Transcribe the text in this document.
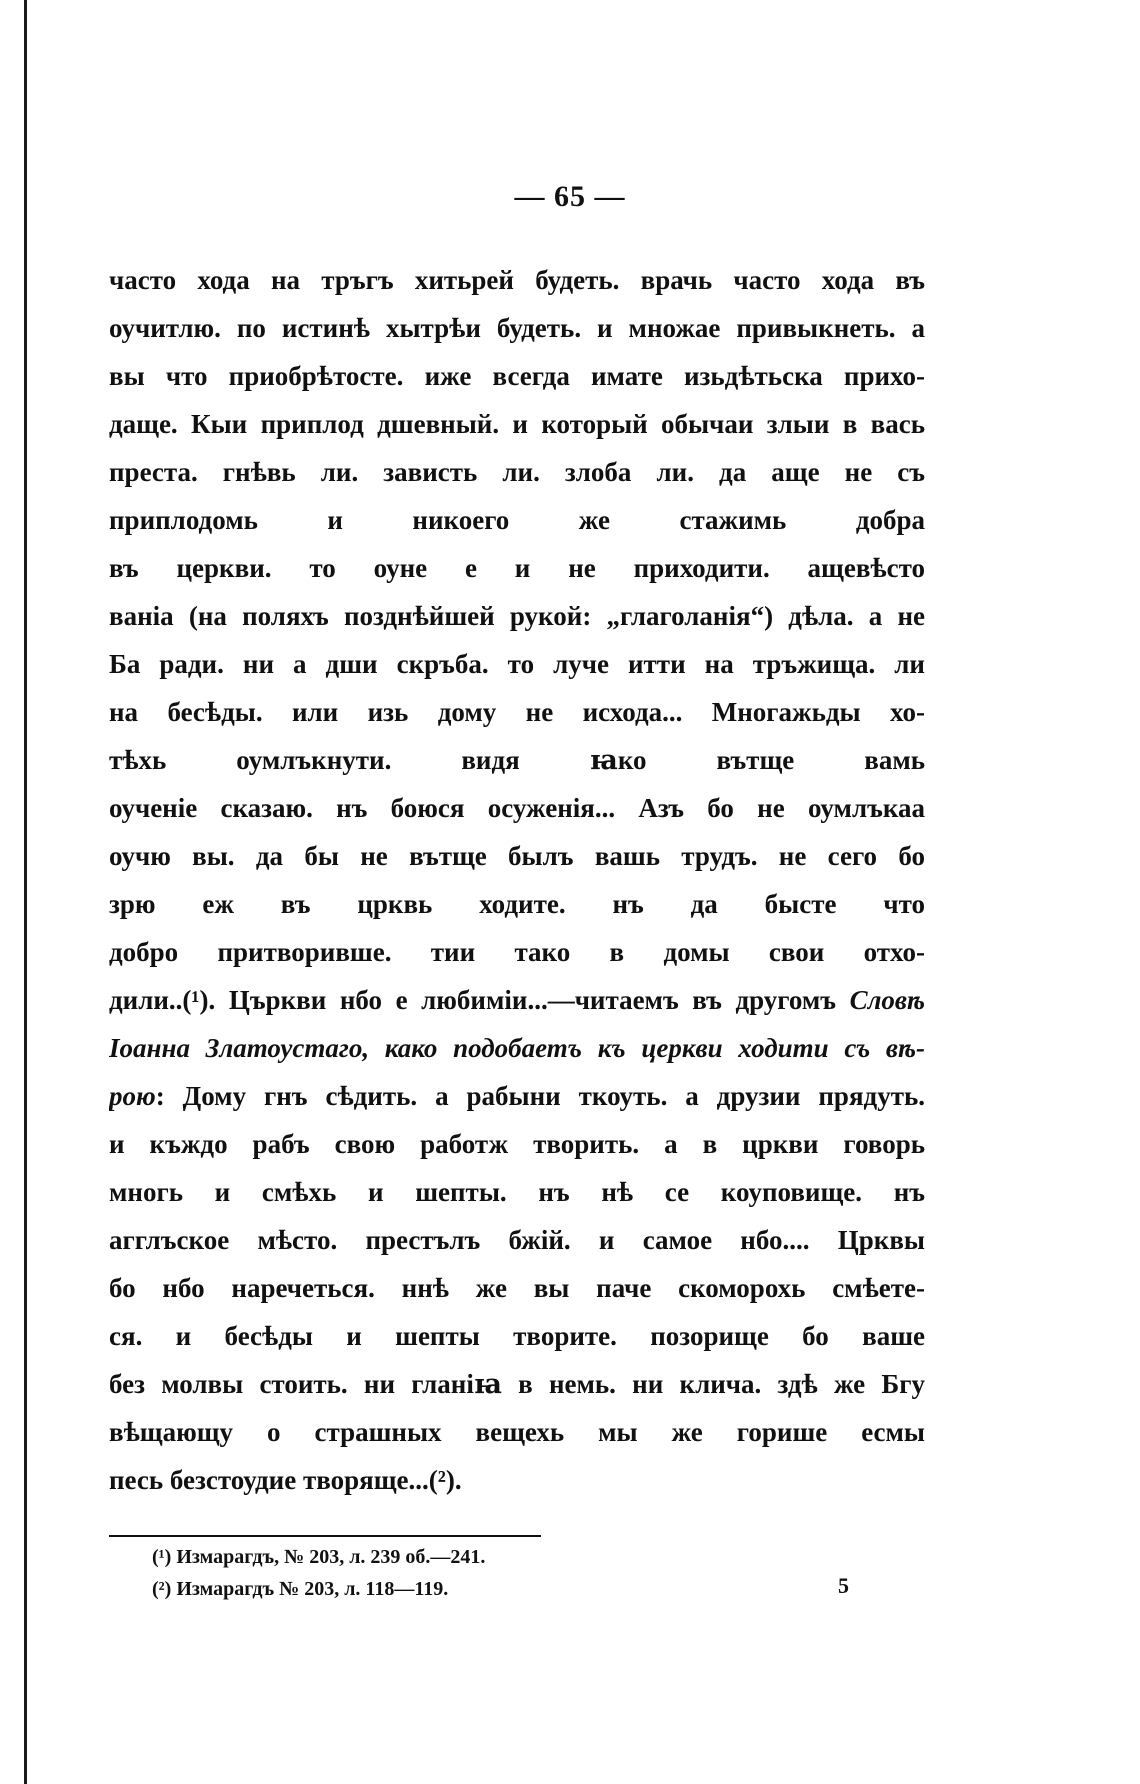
— 65 —
часто хода на тръгъ хитьрей будеть. врачь часто хода въ
оучитлю. по истинѣ хытрѣи будеть. и множае привыкнеть. а
вы что приобрѣтосте. иже всегда имате изьдѣтьска прихо-
даще. Кыи приплод дшевный. и который обычаи злыи в вась
преста. гнѣвь ли. зависть ли. злоба ли. да аще не съ
приплодомь и никоего же стажимь добра
въ церкви. то оуне е и не приходити. ащевѣсто
ваніа (на поляхъ позднѣйшей рукой: „глаголанія“) дѣла. а не
Ба ради. ни а дши скръба. то луче итти на тръжища. ли
на бесѣды. или изь дому не исхода... Многажьды хо-
тѣхь оумлъкнути. видя ꙗко вътще вамь
оученіе сказаю. нъ боюся осуженія... Азъ бо не оумлъкаа
оучю вы. да бы не вътще былъ вашь трудъ. не сего бо
зрю еж въ црквь ходите. нъ да бысте что
добро притворивше. тии тако в домы свои отхо-
дили..(¹). Църкви нбо е любиміи...—читаемъ въ другомъ Словѣ
Іоанна Златоустаго, како подобаетъ къ церкви ходити съ вѣ-
рою: Дому гнъ сѣдить. а рабыни ткоуть. а друзии прядуть.
и къждо рабъ свою работж творить. а в цркви говорь
многь и смѣхь и шепты. нъ нѣ се коуповище. нъ
агглъское мѣсто. престълъ бжій. и самое нбо.... Црквы
бо нбо наречеться. ннѣ же вы паче скоморохь смѣете-
ся. и бесѣды и шепты творите. позорище бо ваше
без молвы стоить. ни гланіꙗ в немь. ни клича. здѣ же Бгу
вѣщающу о страшных вещехь мы же горише есмы
песь безстоудие творяще...(²).
(¹) Измарагдъ, № 203, л. 239 об.—241.
(²) Измарагдъ № 203, л. 118—119.	5
